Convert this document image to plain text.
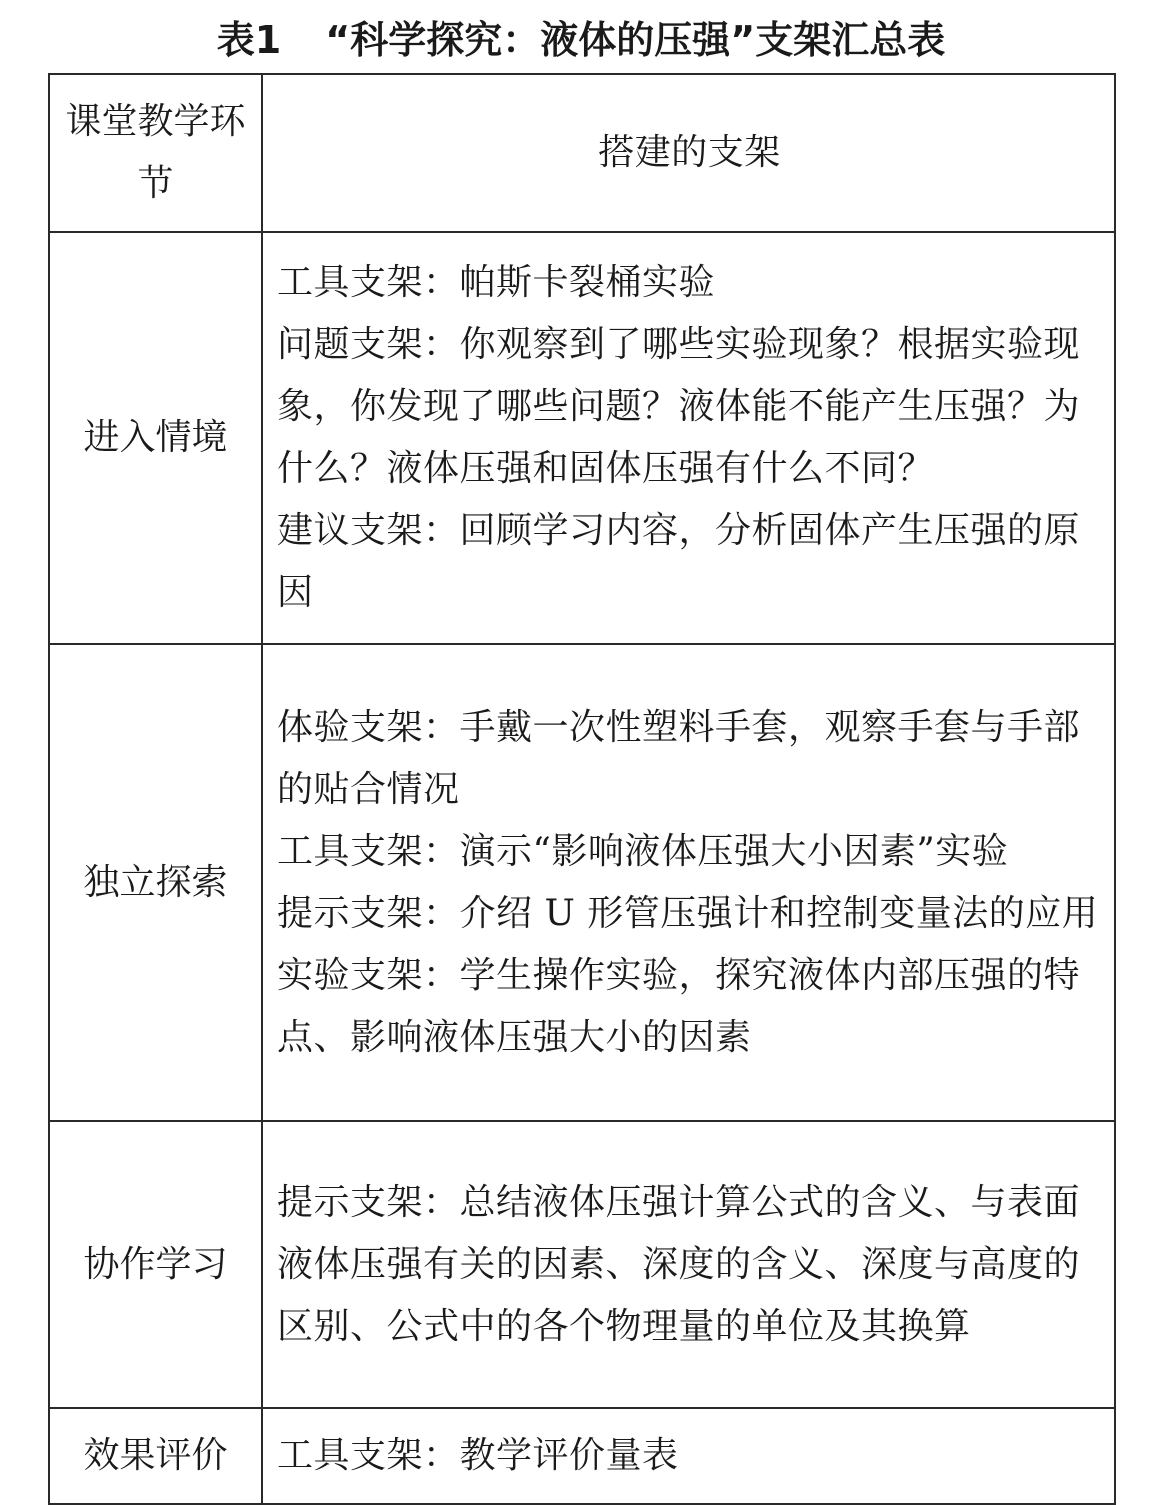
表1 “科学探究：液体的压强”支架汇总表
课堂教学环节	搭建的支架
进入情境	工具支架：帕斯卡裂桶实验
问题支架：你观察到了哪些实验现象？根据实验现象，你发现了哪些问题？液体能不能产生压强？为什么？液体压强和固体压强有什么不同？
建议支架：回顾学习内容，分析固体产生压强的原因

独立探索	体验支架：手戴一次性塑料手套，观察手套与手部的贴合情况
工具支架：演示“影响液体压强大小因素”实验
提示支架：介绍 U 形管压强计和控制变量法的应用
实验支架：学生操作实验，探究液体内部压强的特点、影响液体压强大小的因素

协作学习	提示支架：总结液体压强计算公式的含义、与表面液体压强有关的因素、深度的含义、深度与高度的区别、公式中的各个物理量的单位及其换算

效果评价	工具支架：教学评价量表
